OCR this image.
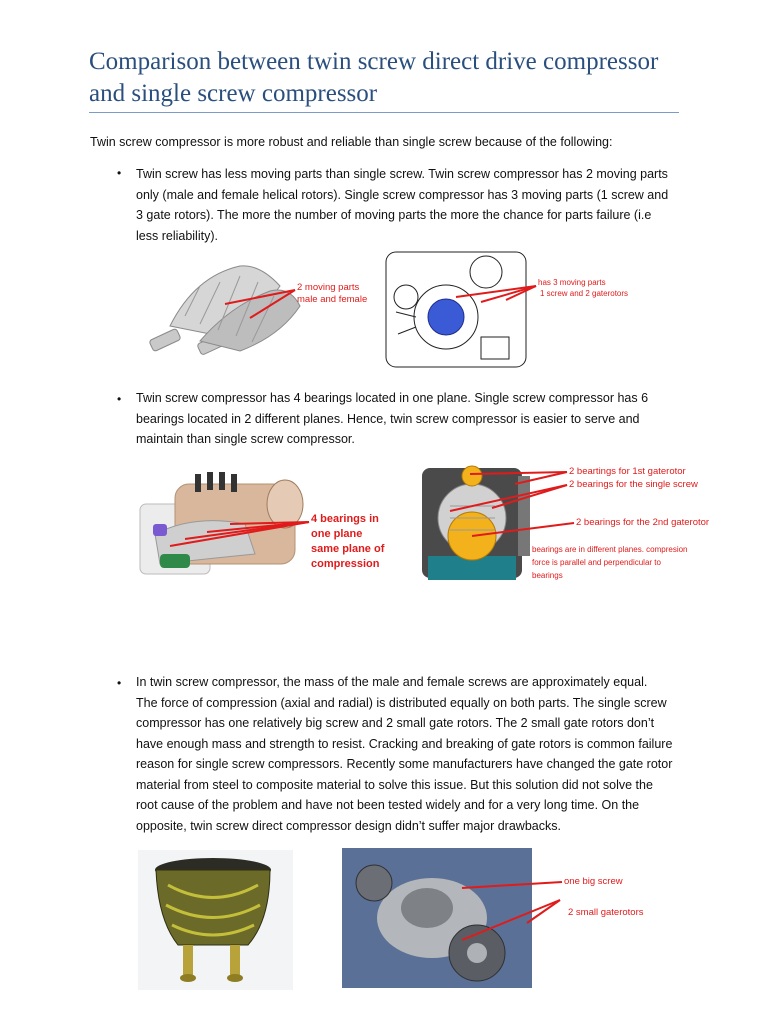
Comparison between twin screw direct drive compressor and single screw compressor
Twin screw compressor is more robust and reliable than single screw because of the following:
• Twin screw has less moving parts than single screw. Twin screw compressor has 2 moving parts
only (male and female helical rotors). Single screw compressor has 3 moving parts (1 screw and
3 gate rotors). The more the number of moving parts the more the chance for parts failure (i.e
less reliability).
2 moving parts
male and female
has 3 moving parts
1 screw and 2 gaterotors
• Twin screw compressor has 4 bearings located in one plane. Single screw compressor has 6
bearings located in 2 different planes. Hence, twin screw compressor is easier to serve and
maintain than single screw compressor.
4 bearings in
one plane
same plane of
compression
2 beartings for 1st gaterotor
2 bearings for the single screw
2 bearings for the 2nd gaterotor
bearings are in different planes. compresion
force is parallel and perpendicular to
bearings
• In twin screw compressor, the mass of the male and female screws are approximately equal.
The force of compression (axial and radial) is distributed equally on both parts. The single screw
compressor has one relatively big screw and 2 small gate rotors. The 2 small gate rotors don’t
have enough mass and strength to resist. Cracking and breaking of gate rotors is common failure
reason for single screw compressors. Recently some manufacturers have changed the gate rotor
material from steel to composite material to solve this issue. But this solution did not solve the
root cause of the problem and have not been tested widely and for a very long time. On the
opposite, twin screw direct compressor design didn’t suffer major drawbacks.
one big screw
2 small gaterotors
